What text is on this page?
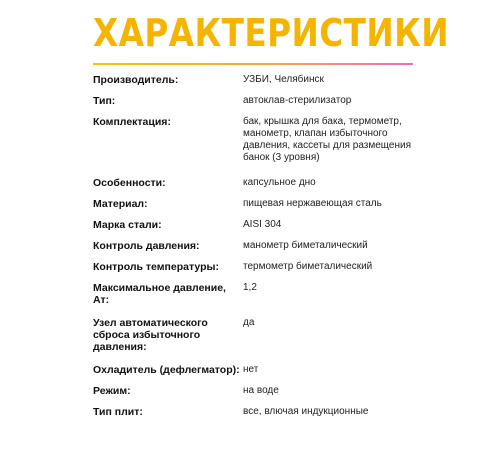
ХАРАКТЕРИСТИКИ
Производитель:	УЗБИ, Челябинск
Тип:	автоклав-стерилизатор
Комплектация:	бак, крышка для бака, термометр, манометр, клапан избыточного давления, кассеты для размещения банок (3 уровня)
Особенности:	капсульное дно
Материал:	пищевая нержавеющая сталь
Марка стали:	AISI 304
Контроль давления:	манометр биметалический
Контроль температуры:	термометр биметалический
Максимальное давление, Ат:
1,2
Узел автоматического сброса избыточного давления:
да
Охладитель (дефлегматор): нет
Режим:	на воде
Тип плит:	все, влючая индукционные
